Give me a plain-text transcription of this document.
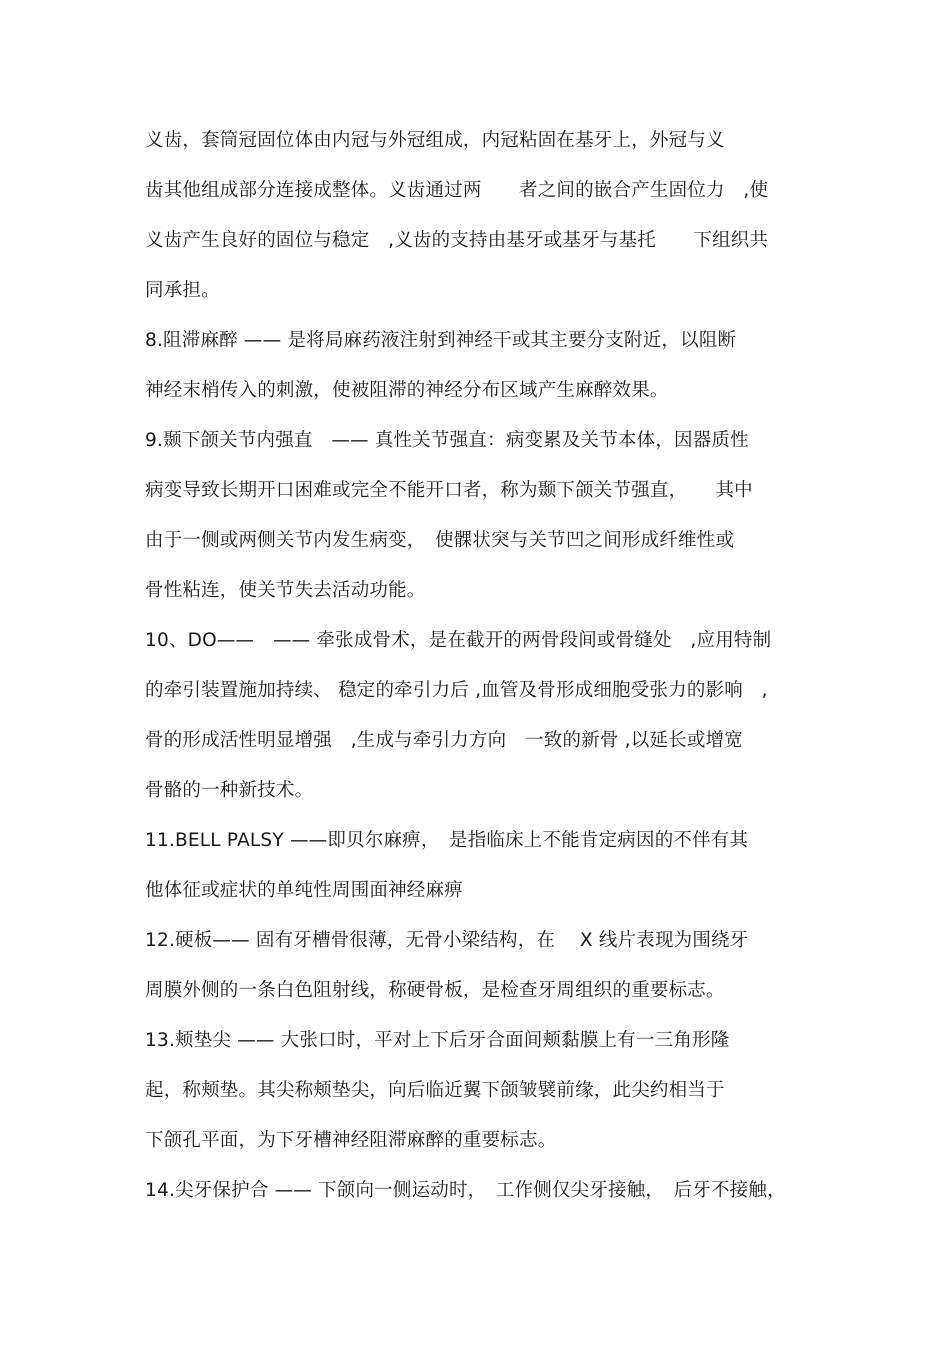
义齿，套筒冠固位体由内冠与外冠组成，内冠粘固在基牙上，外冠与义
齿其他组成部分连接成整体。义齿通过两　　者之间的嵌合产生固位力　,使
义齿产生良好的固位与稳定　,义齿的支持由基牙或基牙与基托　　下组织共
同承担。
8.阻滞麻醉 —— 是将局麻药液注射到神经干或其主要分支附近，以阻断
神经末梢传入的刺激，使被阻滞的神经分布区域产生麻醉效果。
9.颞下颌关节内强直　—— 真性关节强直：病变累及关节本体，因器质性
病变导致长期开口困难或完全不能开口者，称为颞下颌关节强直，　　其中
由于一侧或两侧关节内发生病变，　使髁状突与关节凹之间形成纤维性或
骨性粘连，使关节失去活动功能。
10、DO——　—— 牵张成骨术，是在截开的两骨段间或骨缝处　,应用特制
的牵引装置施加持续、 稳定的牵引力后 ,血管及骨形成细胞受张力的影响　,
骨的形成活性明显增强　,生成与牵引力方向　一致的新骨 ,以延长或增宽
骨骼的一种新技术。
11.BELL PALSY ——即贝尔麻痹，　是指临床上不能肯定病因的不伴有其
他体征或症状的单纯性周围面神经麻痹
12.硬板—— 固有牙槽骨很薄，无骨小梁结构，在　 X 线片表现为围绕牙
周膜外侧的一条白色阻射线，称硬骨板，是检查牙周组织的重要标志。
13.颊垫尖 —— 大张口时，平对上下后牙合面间颊黏膜上有一三角形隆
起，称颊垫。其尖称颊垫尖，向后临近翼下颌皱襞前缘，此尖约相当于
下颌孔平面，为下牙槽神经阻滞麻醉的重要标志。
14.尖牙保护合 —— 下颌向一侧运动时，　工作侧仅尖牙接触，　后牙不接触，
